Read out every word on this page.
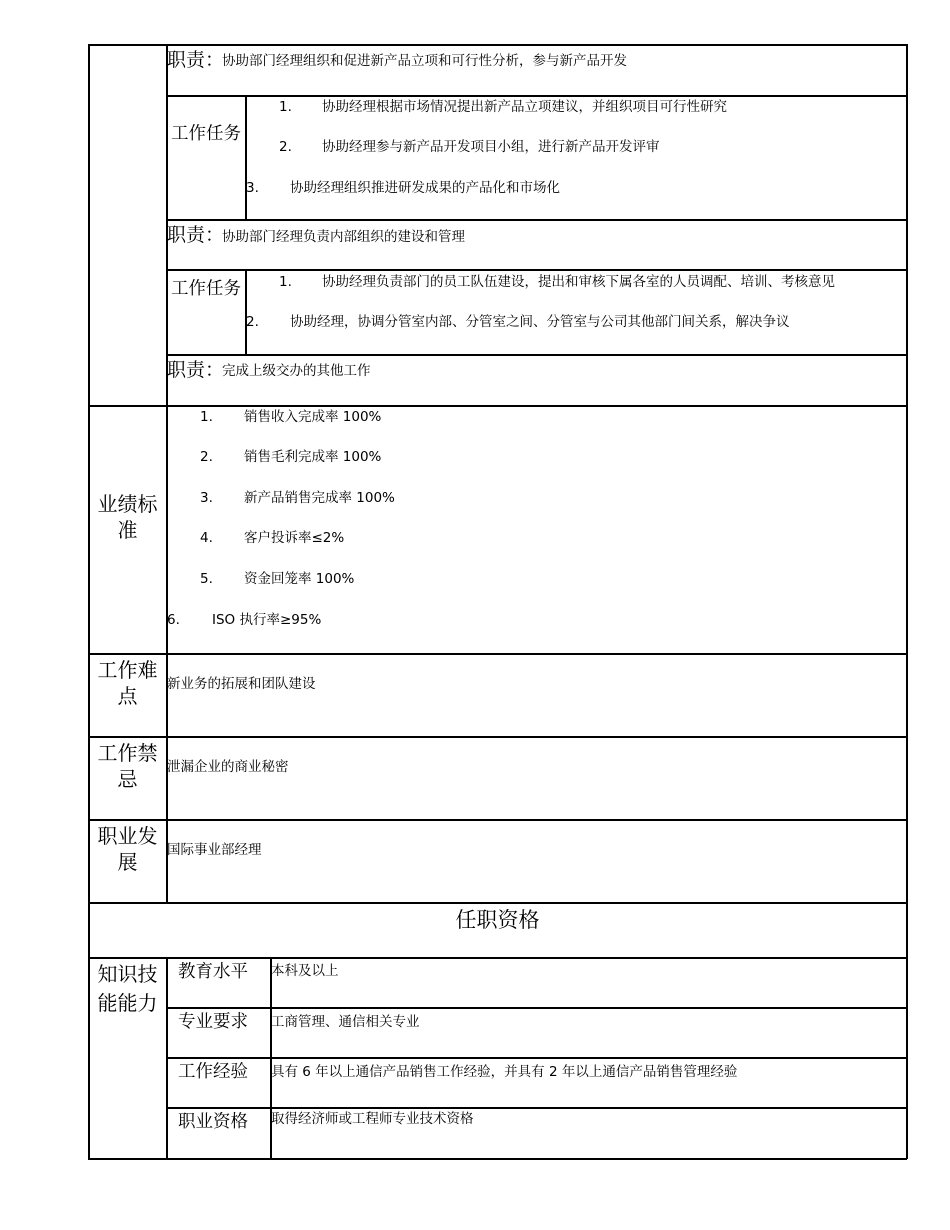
职责：
协助部门经理组织和促进新产品立项和可行性分析，参与新产品开发
工作任务
1. 协助经理根据市场情况提出新产品立项建议，并组织项目可行性研究
2. 协助经理参与新产品开发项目小组，进行新产品开发评审
3. 协助经理组织推进研发成果的产品化和市场化
职责：
协助部门经理负责内部组织的建设和管理
工作任务	1. 协助经理负责部门的员工队伍建设，提出和审核下属各室的人员调配、培训、考核意见
2. 协助经理，协调分管室内部、分管室之间、分管室与公司其他部门间关系，解决争议
职责：
完成上级交办的其他工作
业绩标准
1. 销售收入完成率 100%
2. 销售毛利完成率 100%
3. 新产品销售完成率 100%
4. 客户投诉率≤2%
5. 资金回笼率 100%
6. ISO 执行率≥95%
工作难点	新业务的拓展和团队建设
工作禁忌	泄漏企业的商业秘密
职业发展	国际事业部经理
任职资格
知识技能能力
教育水平 本科及以上
专业要求 工商管理、通信相关专业
工作经验 具有 6 年以上通信产品销售工作经验，并具有 2 年以上通信产品销售管理经验
职业资格 取得经济师或工程师专业技术资格
